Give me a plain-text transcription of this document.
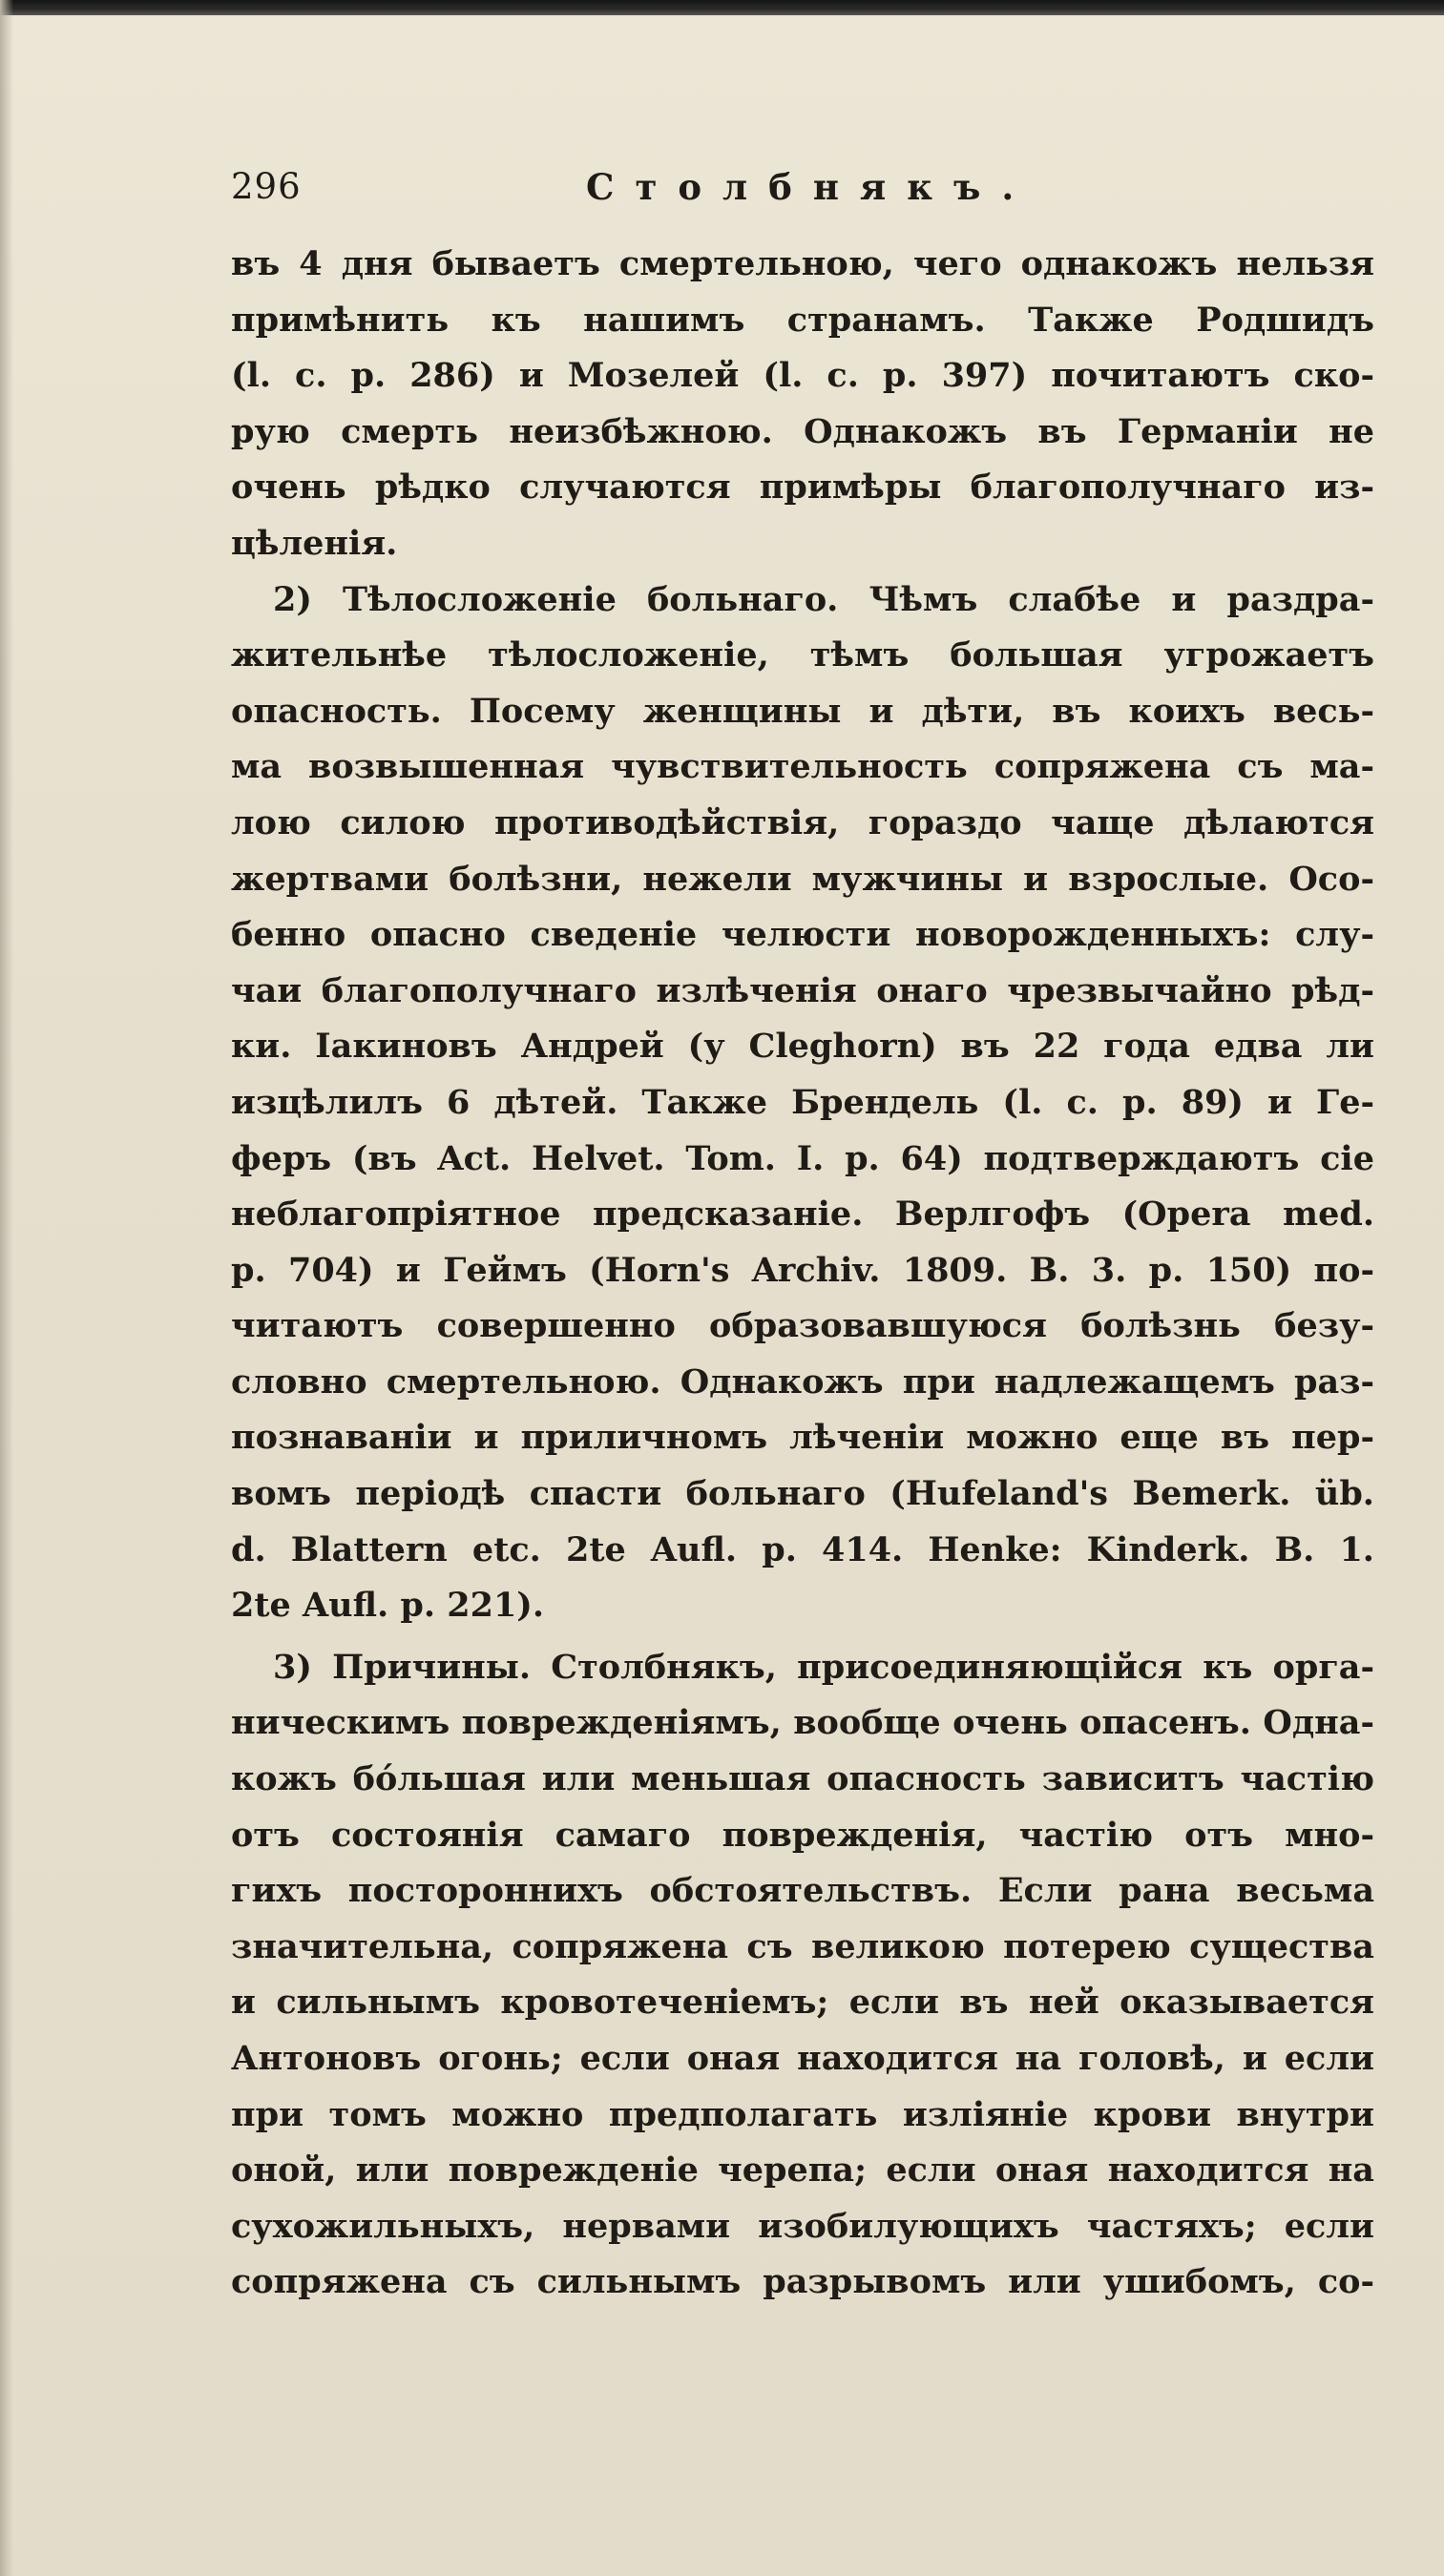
296	Столбнякъ.
въ 4 дня бываетъ смертельною, чего однакожъ нельзя
примѣнить къ нашимъ странамъ. Также Родшидъ
(l. c. p. 286) и Мозелей (l. c. p. 397) почитаютъ ско-
рую смерть неизбѣжною. Однакожъ въ Германіи не
очень рѣдко случаются примѣры благополучнаго из-
цѣленія.
2) Тѣлосложеніе больнаго. Чѣмъ слабѣе и раздра-
жительнѣе тѣлосложеніе, тѣмъ большая угрожаетъ
опасность. Посему женщины и дѣти, въ коихъ весь-
ма возвышенная чувствительность сопряжена съ ма-
лою силою противодѣйствія, гораздо чаще дѣлаются
жертвами болѣзни, нежели мужчины и взрослые. Осо-
бенно опасно сведеніе челюсти новорожденныхъ: слу-
чаи благополучнаго излѣченія онаго чрезвычайно рѣд-
ки. Іакиновъ Андрей (у Cleghorn) въ 22 года едва ли
изцѣлилъ 6 дѣтей. Также Брендель (l. c. p. 89) и Ге-
феръ (въ Act. Helvet. Tom. I. p. 64) подтверждаютъ сіе
неблагопріятное предсказаніе. Верлгофъ (Opera med.
p. 704) и Геймъ (Horn's Archiv. 1809. B. 3. p. 150) по-
читаютъ совершенно образовавшуюся болѣзнь безу-
словно смертельною. Однакожъ при надлежащемъ раз-
познаваніи и приличномъ лѣченіи можно еще въ пер-
вомъ періодѣ спасти больнаго (Hufeland's Bemerk. üb.
d. Blattern etc. 2te Aufl. p. 414. Henke: Kinderk. B. 1.
2te Aufl. p. 221).
3) Причины. Столбнякъ, присоединяющійся къ орга-
ническимъ поврежденіямъ, вообще очень опасенъ. Одна-
кожъ бóльшая или меньшая опасность зависитъ частію
отъ состоянія самаго поврежденія, частію отъ мно-
гихъ постороннихъ обстоятельствъ. Если рана весьма
значительна, сопряжена съ великою потерею существа
и сильнымъ кровотеченіемъ; если въ ней оказывается
Антоновъ огонь; если оная находится на головѣ, и если
при томъ можно предполагать изліяніе крови внутри
оной, или поврежденіе черепа; если оная находится на
сухожильныхъ, нервами изобилующихъ частяхъ; если
сопряжена съ сильнымъ разрывомъ или ушибомъ, со-
